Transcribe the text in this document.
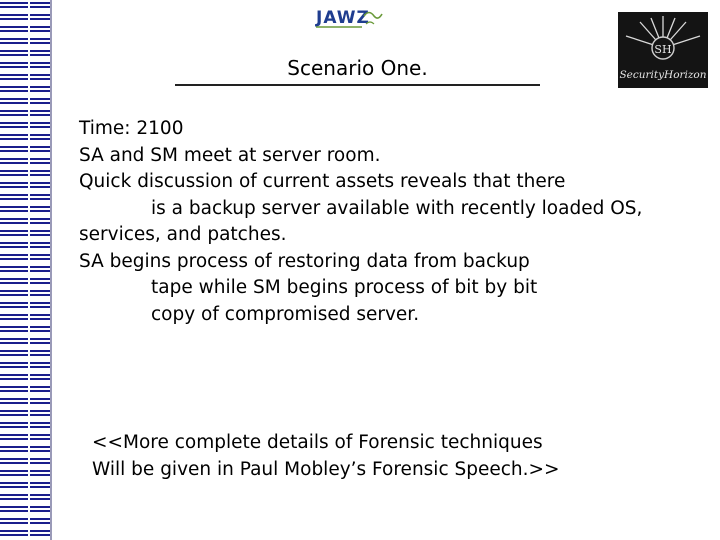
JAWZ
SH
SecurityHorizon
Scenario One.
Time: 2100
SA and SM meet at server room.
Quick discussion of current assets reveals that there
is a backup server available with recently loaded OS,
services, and patches.
SA begins process of restoring data from backup
tape while SM begins process of bit by bit
copy of compromised server.
<<More complete details of Forensic techniques
Will be given in Paul Mobley’s Forensic Speech.>>
